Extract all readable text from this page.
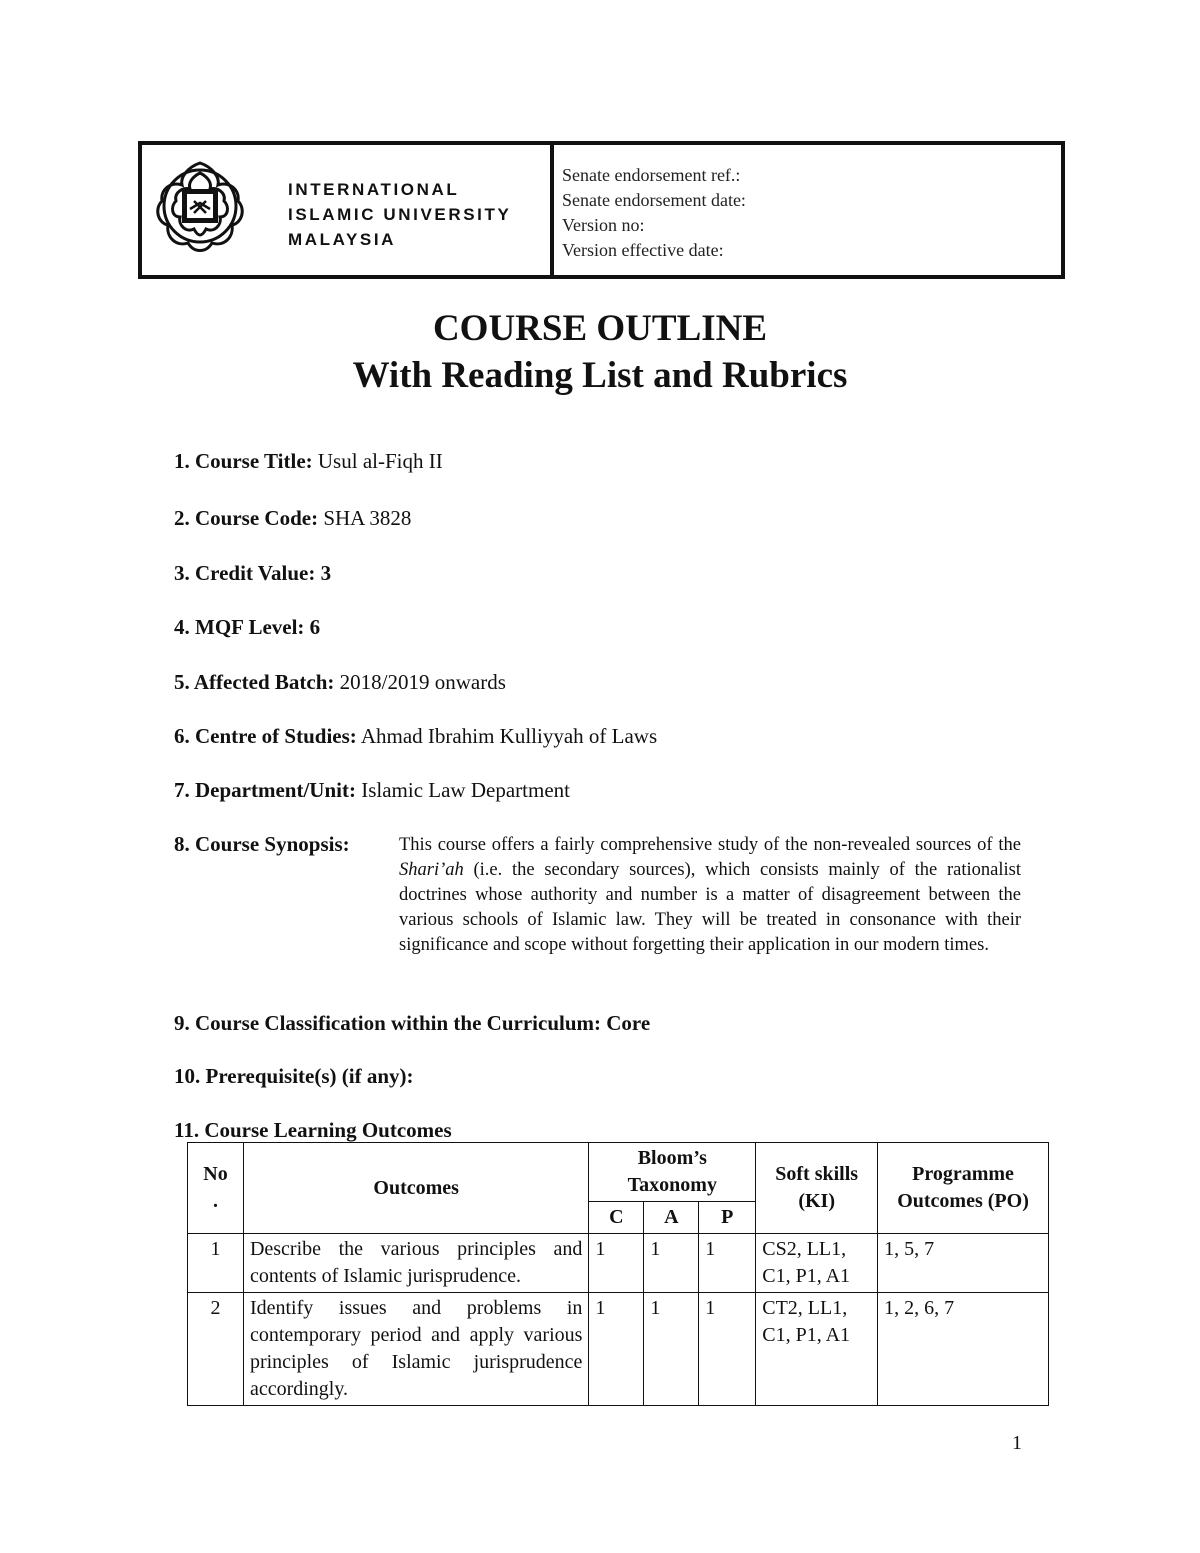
INTERNATIONAL
ISLAMIC UNIVERSITY
MALAYSIA
Senate endorsement ref.:
Senate endorsement date:
Version no:
Version effective date:
COURSE OUTLINE
With Reading List and Rubrics
1. Course Title: Usul al-Fiqh II
2. Course Code: SHA 3828
3. Credit Value: 3
4. MQF Level: 6
5. Affected Batch: 2018/2019 onwards
6. Centre of Studies: Ahmad Ibrahim Kulliyyah of Laws
7. Department/Unit: Islamic Law Department
8. Course Synopsis:	This course offers a fairly comprehensive study of the non-revealed sources of the Shari’ah (i.e. the secondary sources), which consists mainly of the rationalist doctrines whose authority and number is a matter of disagreement between the various schools of Islamic law. They will be treated in consonance with their significance and scope without forgetting their application in our modern times.
9. Course Classification within the Curriculum: Core
10. Prerequisite(s) (if any):
11. Course Learning Outcomes
No
.	Outcomes	Bloom’s Taxonomy			Soft skills (KI)	Programme Outcomes (PO)
		C	A	P		
1	Describe the various principles and contents of Islamic jurisprudence.	1	1	1	CS2, LL1, C1, P1, A1	1, 5, 7
2	Identify issues and problems in contemporary period and apply various principles of Islamic jurisprudence accordingly.	1	1	1	CT2, LL1, C1, P1, A1	1, 2, 6, 7
1
